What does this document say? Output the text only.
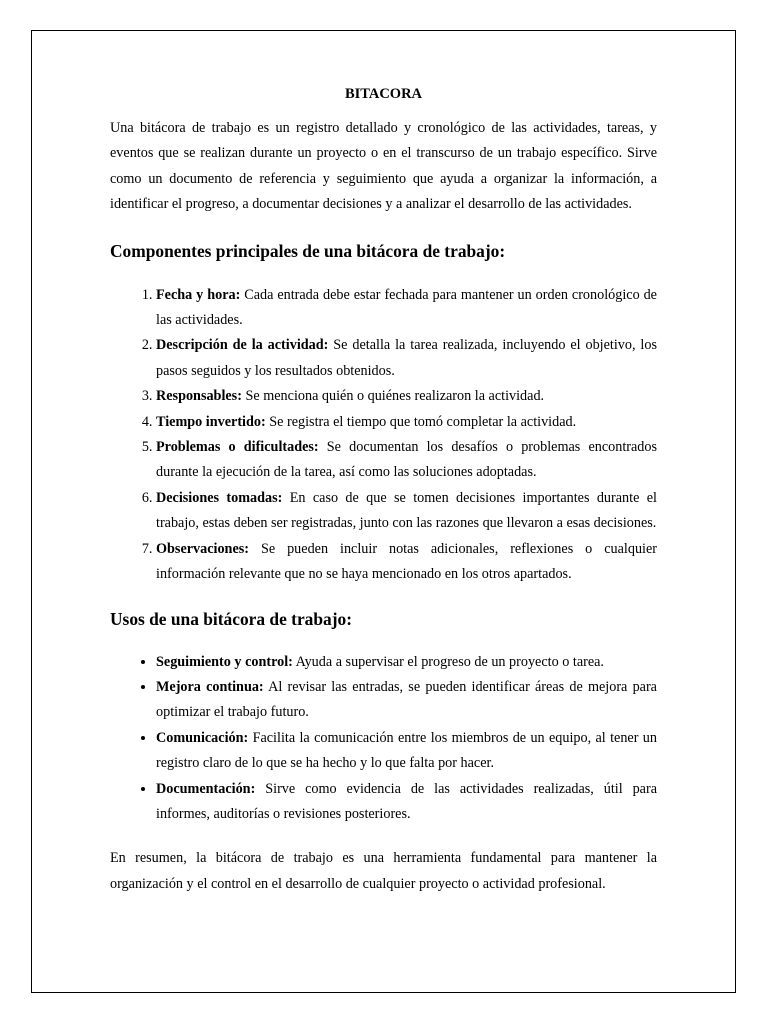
BITACORA

Una bitácora de trabajo es un registro detallado y cronológico de las actividades, tareas, y eventos que se realizan durante un proyecto o en el transcurso de un trabajo específico. Sirve como un documento de referencia y seguimiento que ayuda a organizar la información, a identificar el progreso, a documentar decisiones y a analizar el desarrollo de las actividades.

Componentes principales de una bitácora de trabajo:
1. Fecha y hora: Cada entrada debe estar fechada para mantener un orden cronológico de las actividades.
2. Descripción de la actividad: Se detalla la tarea realizada, incluyendo el objetivo, los pasos seguidos y los resultados obtenidos.
3. Responsables: Se menciona quién o quiénes realizaron la actividad.
4. Tiempo invertido: Se registra el tiempo que tomó completar la actividad.
5. Problemas o dificultades: Se documentan los desafíos o problemas encontrados durante la ejecución de la tarea, así como las soluciones adoptadas.
6. Decisiones tomadas: En caso de que se tomen decisiones importantes durante el trabajo, estas deben ser registradas, junto con las razones que llevaron a esas decisiones.
7. Observaciones: Se pueden incluir notas adicionales, reflexiones o cualquier información relevante que no se haya mencionado en los otros apartados.
Usos de una bitácora de trabajo:
• Seguimiento y control: Ayuda a supervisar el progreso de un proyecto o tarea.
• Mejora continua: Al revisar las entradas, se pueden identificar áreas de mejora para optimizar el trabajo futuro.
• Comunicación: Facilita la comunicación entre los miembros de un equipo, al tener un registro claro de lo que se ha hecho y lo que falta por hacer.
• Documentación: Sirve como evidencia de las actividades realizadas, útil para informes, auditorías o revisiones posteriores.

En resumen, la bitácora de trabajo es una herramienta fundamental para mantener la organización y el control en el desarrollo de cualquier proyecto o actividad profesional.
